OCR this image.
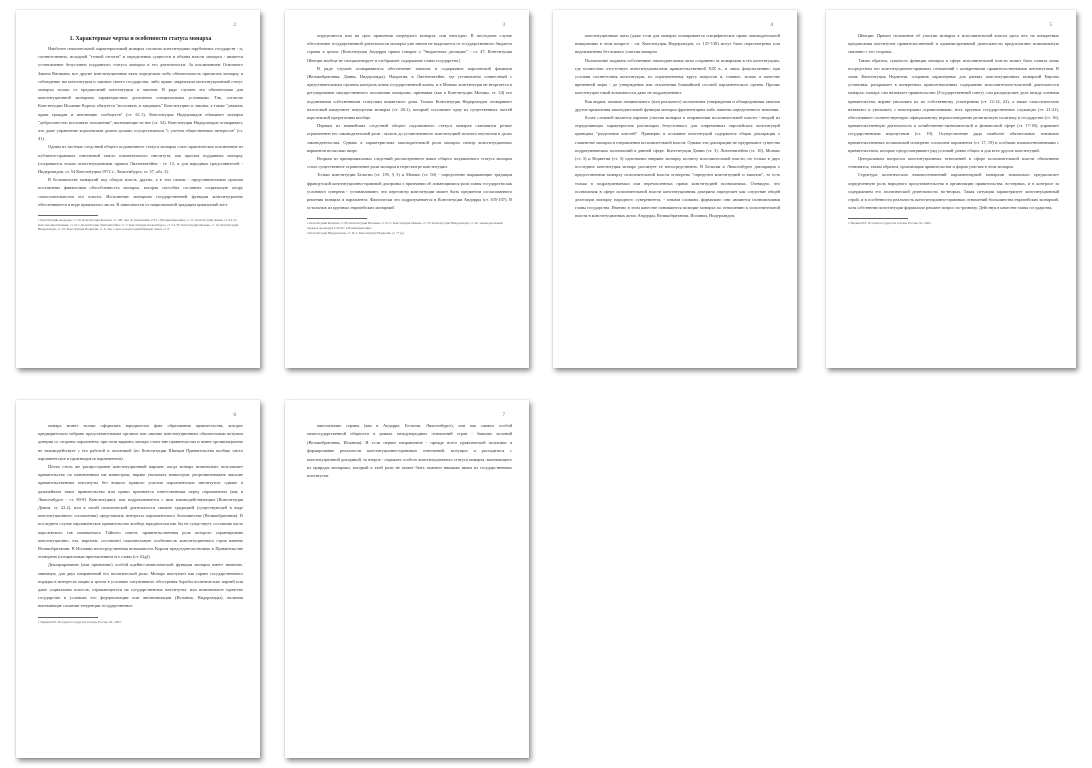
2
1. Характерные черты и особенности статуса монарха

Наиболее показательной характеристикой монарха согласно конституциям зарубежных государств - и, соответственно, исходной "точкой отсчета" в определении сущности и объема власти монарха - является установление безусловно подданного статуса монарха и его деятельности. За исключением Основного Закона Ватикана, все другие конституционные акты определяли либо обязательность приписать монарху и соблюдение им конституции и законов своего государства, либо прямо закрепляли конституционный статус монарха только от предписаний конституции и законов. В ряде случаев эта обязательная для конституционной монархии характеристика дополнена специальными условиями. Так, согласно Конституции Испании Король обязуется "исполнять и защищать" Конституцию и законы, а также "уважать права граждан и автономию сообществ" (ст. 61.1), Конституция Нидерландов обязывает монарха "добросовестно исполнять положения", вытекающие из нее (ст. 32). Конституция Нидерландов оговаривает, что даже управление королевским домом должно осуществляться "с учетом общественных интересов" (ст. 41).

Одним из частных следствий общего подзаконного статуса монарха стало практическое исключение из публично-правовых отношений такого показательного института, как присяга подданных монарху (сохраняется только конституционным правом Лихтенштейна - ст. 13, и для народных представителей - Нидерландов, ст. 54 Конституции 1972 г., Люксембурга, ст. 57, абз. 2).

В большинстве монархий под общую власть других, а в тем самым - представительных органов поставлены финансовая обособленность монарха, которая способна составить социальную опору самостоятельности его власти. Исполнение монархом государственной функции конституционно обеспечивается в виде цивильного листа. В зависимости от национальной традиции цивильный лист

1 Конституции Андорры, ст. 43; Конституция Бельгии, ст. 109; Акт об управлении 1701 г. (Великобритания), ст. 11; Конституция Дании, ст. 8 и 12; Конституция Испании, ст. 61.1; Конституция Лихтенштейна, ст. 7; Конституция Люксембурга, ст. 5 и 33; Конституция Монако, ст. 10; Конституция Нидерландов, ст. 32; Конституция Норвегии, ст. 9; Акт о престолонаследии Швеции, Закон, ст. 8.

3

определяется или на срок правления очередного монарха, или ежегодно. В последнем случае обеспечение государственной деятельности монарха уже ничем не выделяется от государственного бюджета страны в целом. (Конституция Андорры прямо говорит о "бюджетных дотациях" - ст. 47; Конституция Швеции вообще не специализирует и отображает содержание главы государства.)

В ряде случаев оговариваются обеспечение законом и содержание королевской фамилии (Великобритания, Дания, Нидерланды). Напротив, в Лихтенштейне, где установлено совместный с представительным органом контроль князя государственной казны, и в Монако конституция не вторгается в регулирование имущественного положения монархии, признавая (как в Конституции Монако, ст. 34) его подлинными собственными статусами княжеского дома. Только Конституция Нидерландов оговаривает налоговый иммунитет имущества монарха (ст. 40.1), который составляет одну из существенных частей королевской прерогативы вообще.

Первым из важнейших следствий общего подзаконного статуса монарха становится резкое ограничение его законодательной роли - вплоть до установленного конституцией полного неучастия в делах законодательства. Однако в характеристике законодательной роли монарха спектр конституционных вариантов несколько шире.

Вторым из принципиальных следствий рассмотренного выше общего подзаконного статуса монарха стало существенное ограничение роли монарха в пересмотре конституции.

Только конституции Бельгии (ст. 195, § 3) и Монако (ст. 94) - определенно выражающие традиции французской конституционно-правовой доктрины о признании об ломающимися роли главы государства как условного суверена - устанавливают, что пересмотр конституции может быть предметом согласованного решения монарха и парламента. Фактически это подразумевается в Конституции Андорры (ст. 105-107). В остальных из крупных европейских монархий

1 Конституция Бельгии, ст. 89; Конституция Испании, ст. 65.1; Конституция Монако, ст. 35; Конституция Нидерландов, ст. 40; законодательный порядок процедура в 2010 г. в Великобритании.

2 Конституция Нидерландов, ст. 40.1; Конституция Норвегии, ст. 77 (а).

4

конституционные акты (даже если для монарха оговаривается специфическое право законодательной инициативы в этом вопросе - см. Конституция Нидерландов, ст. 137-138) могут быть пересмотрены или видоизменены без всякого участия монарха.

Полномочие подавать собственные законодательные акты сохранено за монархами в тех конституциях, где полностью отсутствует конституционализм правительственной ХIХ в., в лишь факультативно: при условии соответствия конституции, по ограниченному кругу вопросов и, главное, только в качестве временной меры - до утверждения или отклонения ближайшей сессией парламентского органа. Прочие конституции такой возможности даже не подразумевают.

Как видим, помимо номинального (или реального) полномочия утверждения и обнародования законов другие проявления законодательной функции монарха фрагментарны либо лишены определенного значения.

Более сложной является картина участия монарха в отправлении исполнительной власти - второй из определяющих характеристик реализации безусловного для современных европейских конституций принципа "разделения властей". Примерно в половине конституций содержится общая декларация о главенстве монарха в отправлении исполнительной власти. Однако эти декларации не предрешают существа подразумеваемых полномочий в данной сфере. Конституции Дании (ст. 3), Лихтенштейна (ст. 10), Монако (ст. 3) и Норвегии (ст. 3) однозначно вверяют монарху полноту исполнительной власти, но только в двух последних конституция монарх реализует ее непосредственно. В Бельгии и Люксембурге декларация о предоставлении монарху исполнительной власти оговорена "определен конституцией и законом", то есть только в подразумеваемых или перечисленных прямо конституцией полномочиях. Очевидно, что полномочия в сфере исполнительной власти конституционная доктрина определяет как следствие общей делегации монарху народного суверенитета, - иными словами, формально они являются полномочиями главы государства. Именно в этом качестве понимаются позиции монарха по отношению к исполнительной власти в конституционных актах Андорры, Великобритании, Испании, Нидерландов,

5

Швеции. Прямое положение об участии монарха в исполнительной власти здесь нет, но конкретные предписания институтов правительственной и административной деятельности предполагают номинальную связанно с его стороны.

Таким образом, сущность функции монарха в сфере исполнительной власти может быть понята лишь посредством его конституционно-правовых отношений с конкретными правительственными институтами. В лишь Конституция Норвегии, сохранив характерные для ранних конституционных монархий Европы установки, раскрывает в конкретных правоотношениях содержание исполнительно-властной деятельности монарха: монарх сам назначает правительство (Государственный совет), сам распределяет дела между членами правительства, вправе увольнять их по собственному усмотрению (ст. 12-14, 22), а также самостоятельно назначает и увольняет, с некоторыми ограничениями, всех крупных государственных служащих (ст. 21-22), обеспечивает соответствующую официальному вероисповеданию религиозную политику в государстве (ст. 16), правительственную деятельность в хозяйственно-экономической и финансовой сфере (ст. 17-18), управляет государственным имуществом (ст. 19). Осуществление ряда наиболее обязательных значимых правительственных полномочий оговорено согласием парламента (ст. 17, 19) и особыми взаимоотношениями с правительством, которые предусматривают ряд условий, равно общих и для всех других конституций.

Центральным вопросом конституционных отношений в сфере исполнительной власти объективно становятся, таким образом, организация правительства и форма участия в этом монарха.

Структура политических взаимоотношений парламентарной монархии изначально предполагает определенную роль народного представительства в организации правительства, во-первых, и в контроле за содержанием его политической деятельности, во-вторых. Такая ситуация характеризует конституционный строй, и в особенности реальность конституционно-правовых отношений большинства европейских монархий, хотя собственно конституции формально решают вопрос по-разному. Действуя в качестве главы государства,

1 Чиркин В.Е. История государства и права России. М., 2002.

6

монарх может только оформлять юридически факт образования правительства, которое предварительно избрано представительным органом или связано конституционным обязательным вотумом доверия со стороны парламента; при этом вариант, монарх стоит вне правительства и вовне организационно не взаимодействует с его работой и политикой (по Конституции Швеции Правительство вообще чисто парламентское и производится парламентом).

Почти столь же распространен конституционный вариант, когда монарх номинально возглавляет правительство по назначенным им министрам, вправе увольнять министров, реорганизовывать высшие правительственные институты без всякого прямого участия парламентских институтов; однако в дальнейшем такое правительство или прямо признается ответственным перед парламентом (как в Люксембурге - ст. 80-81 Конституции), или подразумевается с ним взаимодействующим (Конституция Дании, ст. 22.2), или в своей политической деятельности связано традицией (существующей в виде конституционного соглашения) представлять интересы парламентского большинства (Великобритания). В последнем случае парламентское правительство вообще юридически как бы не существует, составляя часть королевского так называемого Тайного совета, правительственная роль которого гарантирована конституционно, что, впрочем, составляет показательную особенность конституционного строя именно Великобритании. В Испании непосредственная возможность Короля председательствовать в Правительстве оговорена (специальным приглашением его главы (ст. 62g)).

Декларирование (или признание) особой идейно-символической функции монарха имеет значение, минимум, для двух направлений его политической роли. Монарх выступает как гарант государственного порядка в интересах нации и целом в условиях ситуативного обострения борьбы политических партий или даже социальных классов, отражающегося на государственных институтах: или номинальное единство государства в условиях его федерализации или автономизации (Испания, Нидерланды), включая вытекающие сложные тенденции государственное

1 Чиркин В.Е. История государства и права России. М., 2002.

7

многоязычие страны (как в Андорре, Бельгии, Люксембурге), или как символ особой межгосударственной общности в рамках международных отношений стран - бывших колоний (Великобритания, Испания). И если первое направление - прежде всего практической политики и формирование реальности конституционно-правовых отношений, могущих и расходиться с конституционной доктриной, то второе - отражает особого конституционного статуса монарха, вытекающего из природы монархии, который в этой роли не может быть заменен никаким иным из государственных институтов.
